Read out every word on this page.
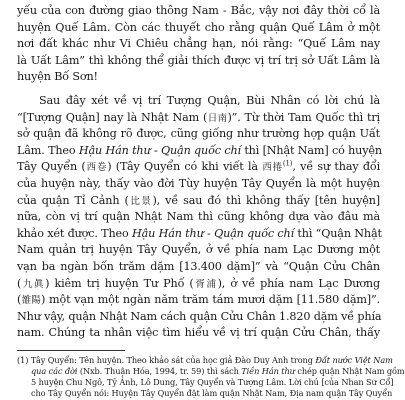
yếu của con đường giao thông Nam - Bắc, vậy nơi đây thời cổ là
huyện Quế Lâm. Còn các thuyết cho rằng quận Quế Lâm ở một
nơi đất khác như Vi Chiêu chẳng hạn, nói rằng: “Quế Lâm nay
là Uất Lâm” thì không thể giải thích được vị trí trị sở Uất Lâm là
huyện Bố Sơn!
Sau đây xét về vị trí Tượng Quận, Bùi Nhân có lời chú là
“[Tượng Quận] nay là Nhật Nam (日南)”. Từ thời Tam Quốc thì trị
sở quận đã không rõ được, cũng giống như trường hợp quận Uất
Lâm. Theo Hậu Hán thư - Quận quốc chí thì [Nhật Nam] có huyện
Tây Quyển (西卷) (Tây Quyển có khi viết là 西捲$^{(1)}$, về sự thay đổi
của huyện này, thấy vào đời Tùy huyện Tây Quyển là một huyện
của quận Tỉ Cảnh (比景), về sau đó thì không thấy [tên huyện]
nữa, còn vị trí quận Nhật Nam thì cũng không dựa vào đâu mà
khảo xét được. Theo Hậu Hán thư - Quận quốc chí thì “Quận Nhật
Nam quản trị huyện Tây Quyển, ở về phía nam Lạc Dương một
vạn ba ngàn bốn trăm dặm [13.400 dặm]” và “Quận Cửu Chân
(九眞) kiêm trị huyện Tư Phố (胥浦), ở về phía nam Lạc Dương
(雒陽) một vạn một ngàn năm trăm tám mươi dặm [11.580 dặm]”.
Như vậy, quận Nhật Nam cách quận Cửu Chân 1.820 dặm về phía
nam. Chúng ta nhân việc tìm hiểu về vị trí quận Cửu Chân, thấy
(1) Tây Quyển: Tên huyện. Theo khảo sát của học giả Đào Duy Anh trong Đất nước Việt Nam
qua các đời (Nxb. Thuận Hóa, 1994, tr. 59) thì sách Tiền Hán thư chép quận Nhật Nam gồm
5 huyện Chu Ngô, Tỷ Ảnh, Lô Dung, Tây Quyển và Tượng Lâm. Lời chú [của Nhan Sư Cổ]
cho Tây Quyển nói: Huyện Tây Quyển đặt làm quận Nhật Nam, Địa nam quận Tây Quyển
